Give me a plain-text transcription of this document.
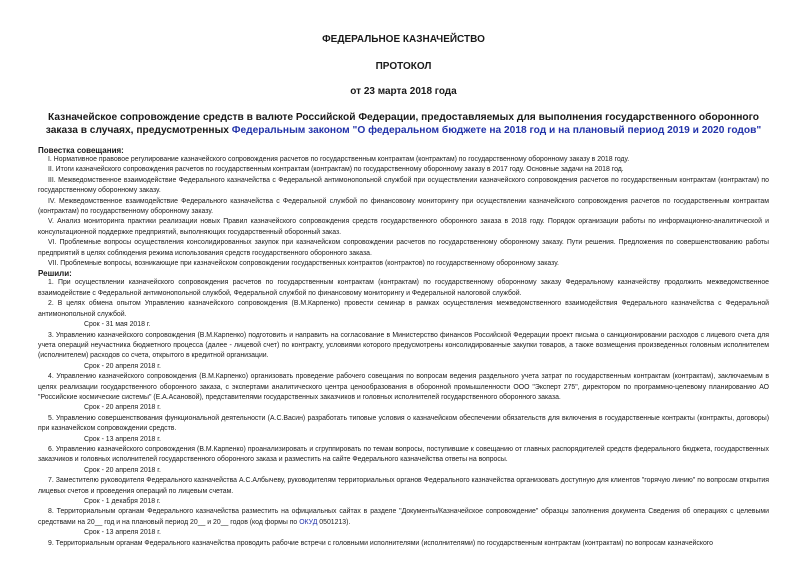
ФЕДЕРАЛЬНОЕ КАЗНАЧЕЙСТВО
ПРОТОКОЛ
от 23 марта 2018 года
Казначейское сопровождение средств в валюте Российской Федерации, предоставляемых для выполнения государственного оборонного заказа в случаях, предусмотренных Федеральным законом "О федеральном бюджете на 2018 год и на плановый период 2019 и 2020 годов"
Повестка совещания:

I. Нормативное правовое регулирование казначейского сопровождения расчетов по государственным контрактам (контрактам) по государственному оборонному заказу в 2018 году.

II. Итоги казначейского сопровождения расчетов по государственным контрактам (контрактам) по государственному оборонному заказу в 2017 году. Основные задачи на 2018 год.

III. Межведомственное взаимодействие Федерального казначейства с Федеральной антимонопольной службой при осуществлении казначейского сопровождения расчетов по государственным контрактам (контрактам) по государственному оборонному заказу.

IV. Межведомственное взаимодействие Федерального казначейства с Федеральной службой по финансовому мониторингу при осуществлении казначейского сопровождения расчетов по государственным контрактам (контрактам) по государственному оборонному заказу.

V. Анализ мониторинга практики реализации новых Правил казначейского сопровождения средств государственного оборонного заказа в 2018 году. Порядок организации работы по информационно-аналитической и консультационной поддержке предприятий, выполняющих государственный оборонный заказ.

VI. Проблемные вопросы осуществления консолидированных закупок при казначейском сопровождении расчетов по государственному оборонному заказу. Пути решения. Предложения по совершенствованию работы предприятий в целях соблюдения режима использования средств государственного оборонного заказа.

VII. Проблемные вопросы, возникающие при казначейском сопровождении государственных контрактов (контрактов) по государственному оборонному заказу.

Решили:

1. При осуществлении казначейского сопровождения расчетов по государственным контрактам (контрактам) по государственному оборонному заказу Федеральному казначейству продолжить межведомственное взаимодействие с Федеральной антимонопольной службой, Федеральной службой по финансовому мониторингу и Федеральной налоговой службой.

2. В целях обмена опытом Управлению казначейского сопровождения (В.М.Карпенко) провести семинар в рамках осуществления межведомственного взаимодействия Федерального казначейства с Федеральной антимонопольной службой.

Срок - 31 мая 2018 г.

3. Управлению казначейского сопровождения (В.М.Карпенко) подготовить и направить на согласование в Министерство финансов Российской Федерации проект письма о санкционировании расходов с лицевого счета для учета операций неучастника бюджетного процесса (далее - лицевой счет) по контракту, условиями которого предусмотрены консолидированные закупки товаров, а также возмещения произведенных головным исполнителем (исполнителем) расходов со счета, открытого в кредитной организации.

Срок - 20 апреля 2018 г.

4. Управлению казначейского сопровождения (В.М.Карпенко) организовать проведение рабочего совещания по вопросам ведения раздельного учета затрат по государственным контрактам (контрактам), заключаемым в целях реализации государственного оборонного заказа, с экспертами аналитического центра ценообразования в оборонной промышленности ООО "Эксперт 275", директором по программно-целевому планированию АО "Российские космические системы" (Е.А.Асановой), представителями государственных заказчиков и головных исполнителей государственного оборонного заказа.

Срок - 20 апреля 2018 г.

5. Управлению совершенствования функциональной деятельности (А.С.Васин) разработать типовые условия о казначейском обеспечении обязательств для включения в государственные контракты (контракты, договоры) при казначейском сопровождении средств.

Срок - 13 апреля 2018 г.

6. Управлению казначейского сопровождения (В.М.Карпенко) проанализировать и сгруппировать по темам вопросы, поступившие к совещанию от главных распорядителей средств федерального бюджета, государственных заказчиков и головных исполнителей государственного оборонного заказа и разместить на сайте Федерального казначейства ответы на вопросы.

Срок - 20 апреля 2018 г.

7. Заместителю руководителя Федерального казначейства А.С.Албычеву, руководителям территориальных органов Федерального казначейства организовать доступную для клиентов "горячую линию" по вопросам открытия лицевых счетов и проведения операций по лицевым счетам.

Срок - 1 декабря 2018 г.

8. Территориальным органам Федерального казначейства разместить на официальных сайтах в разделе "Документы/Казначейское сопровождение" образцы заполнения документа Сведения об операциях с целевыми средствами на 20__ год и на плановый период 20__ и 20__ годов (код формы по ОКУД 0501213).

Срок - 13 апреля 2018 г.

9. Территориальным органам Федерального казначейства проводить рабочие встречи с головными исполнителями (исполнителями) по государственным контрактам (контрактам) по вопросам казначейского
